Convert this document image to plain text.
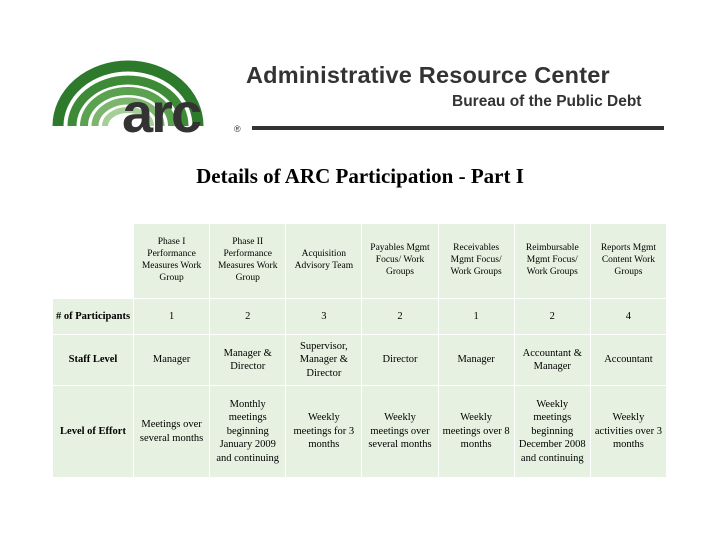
arc	®
Administrative Resource Center
Bureau of the Public Debt
Details of ARC Participation - Part I
	Phase I Performance Measures Work Group	Phase II Performance Measures Work Group	Acquisition Advisory Team	Payables Mgmt Focus/ Work Groups	Receivables Mgmt Focus/ Work Groups	Reimbursable Mgmt Focus/ Work Groups	Reports Mgmt Content Work Groups
# of Participants	1	2	3	2	1	2	4
Staff Level	Manager	Manager & Director	Supervisor, Manager & Director	Director	Manager	Accountant & Manager	Accountant
Level of Effort	Meetings over several months	Monthly meetings beginning January 2009 and continuing	Weekly meetings for 3 months	Weekly meetings over several months	Weekly meetings over 8 months	Weekly meetings beginning December 2008 and continuing	Weekly activities over 3 months
